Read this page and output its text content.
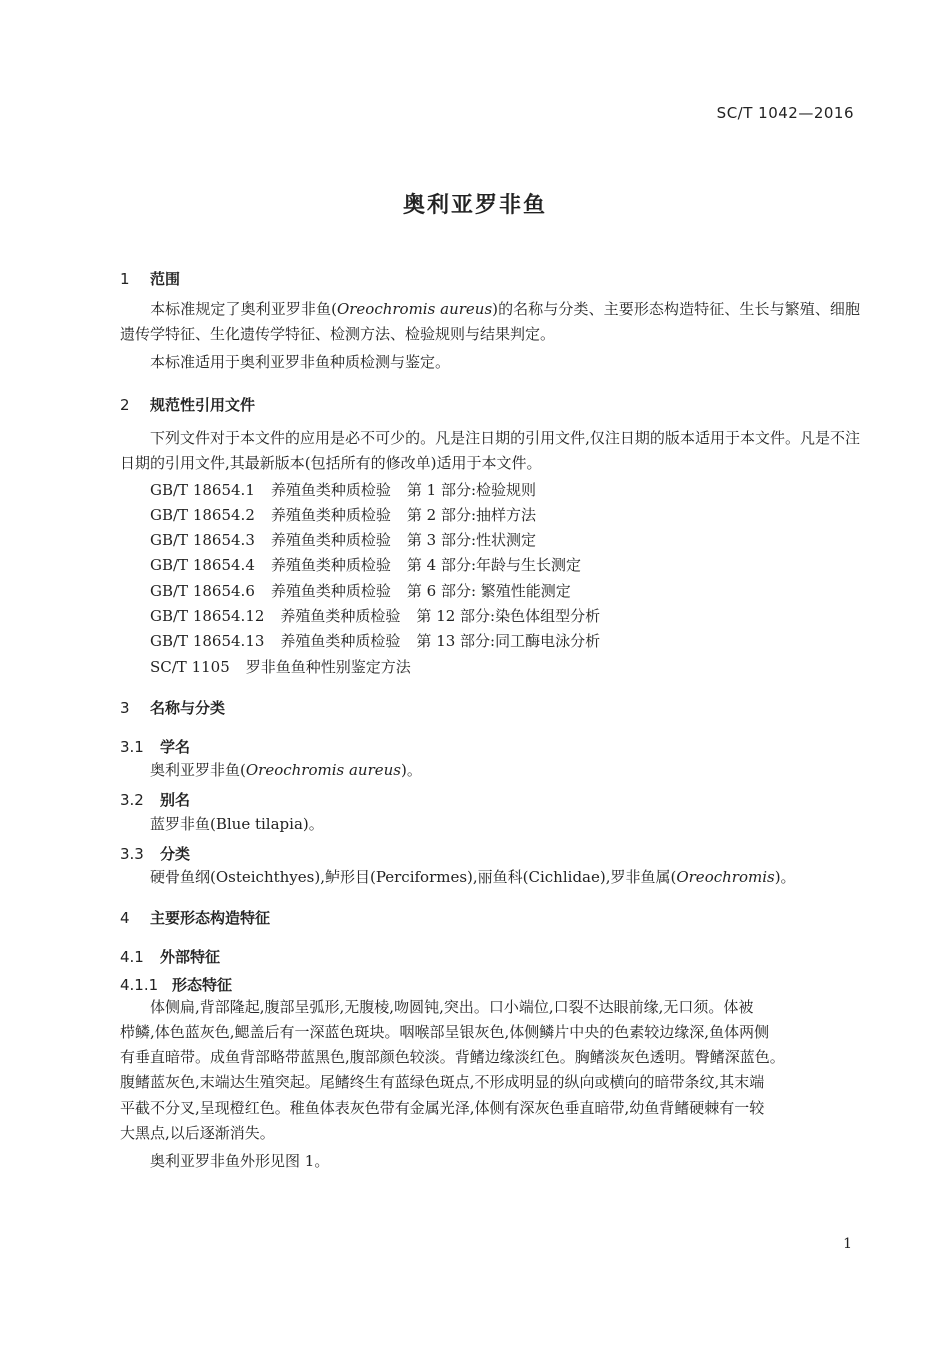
SC/T 1042—2016
奥利亚罗非鱼
1 范围
本标准规定了奥利亚罗非鱼(Oreochromis aureus)的名称与分类、主要形态构造特征、生长与繁殖、细胞遗传学特征、生化遗传学特征、检测方法、检验规则与结果判定。
本标准适用于奥利亚罗非鱼种质检测与鉴定。
2 规范性引用文件
下列文件对于本文件的应用是必不可少的。凡是注日期的引用文件,仅注日期的版本适用于本文件。凡是不注日期的引用文件,其最新版本(包括所有的修改单)适用于本文件。
GB/T 18654.1 养殖鱼类种质检验 第 1 部分:检验规则
GB/T 18654.2 养殖鱼类种质检验 第 2 部分:抽样方法
GB/T 18654.3 养殖鱼类种质检验 第 3 部分:性状测定
GB/T 18654.4 养殖鱼类种质检验 第 4 部分:年龄与生长测定
GB/T 18654.6 养殖鱼类种质检验 第 6 部分: 繁殖性能测定
GB/T 18654.12 养殖鱼类种质检验 第 12 部分:染色体组型分析
GB/T 18654.13 养殖鱼类种质检验 第 13 部分:同工酶电泳分析
SC/T 1105 罗非鱼鱼种性别鉴定方法
3 名称与分类
3.1 学名
奥利亚罗非鱼(Oreochromis aureus)。
3.2 别名
蓝罗非鱼(Blue tilapia)。
3.3 分类
硬骨鱼纲(Osteichthyes),鲈形目(Perciformes),丽鱼科(Cichlidae),罗非鱼属(Oreochromis)。
4 主要形态构造特征
4.1 外部特征
4.1.1 形态特征
体侧扁,背部隆起,腹部呈弧形,无腹棱,吻圆钝,突出。口小端位,口裂不达眼前缘,无口须。体被
栉鳞,体色蓝灰色,鳃盖后有一深蓝色斑块。咽喉部呈银灰色,体侧鳞片中央的色素较边缘深,鱼体两侧
有垂直暗带。成鱼背部略带蓝黑色,腹部颜色较淡。背鳍边缘淡红色。胸鳍淡灰色透明。臀鳍深蓝色。
腹鳍蓝灰色,末端达生殖突起。尾鳍终生有蓝绿色斑点,不形成明显的纵向或横向的暗带条纹,其末端
平截不分叉,呈现橙红色。稚鱼体表灰色带有金属光泽,体侧有深灰色垂直暗带,幼鱼背鳍硬棘有一较
大黑点,以后逐渐消失。
奥利亚罗非鱼外形见图 1。
1
